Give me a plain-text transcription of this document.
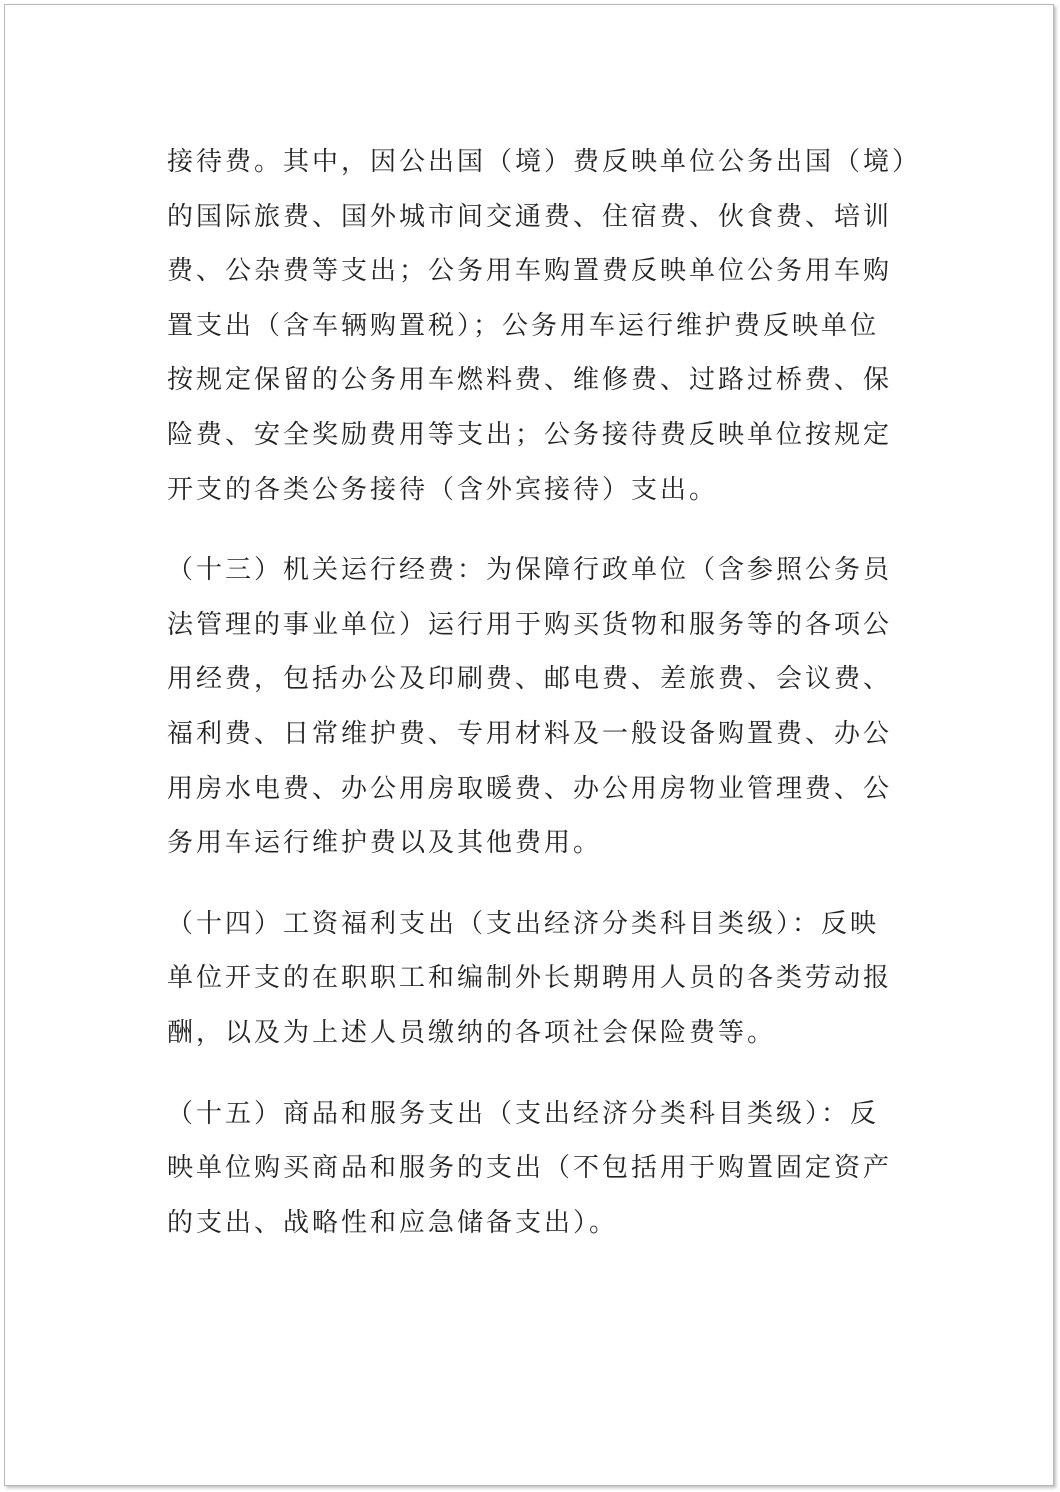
接待费。其中，因公出国（境）费反映单位公务出国（境）
的国际旅费、国外城市间交通费、住宿费、伙食费、培训
费、公杂费等支出；公务用车购置费反映单位公务用车购
置支出（含车辆购置税）；公务用车运行维护费反映单位
按规定保留的公务用车燃料费、维修费、过路过桥费、保
险费、安全奖励费用等支出；公务接待费反映单位按规定
开支的各类公务接待（含外宾接待）支出。
（十三）机关运行经费：为保障行政单位（含参照公务员
法管理的事业单位）运行用于购买货物和服务等的各项公
用经费，包括办公及印刷费、邮电费、差旅费、会议费、
福利费、日常维护费、专用材料及一般设备购置费、办公
用房水电费、办公用房取暖费、办公用房物业管理费、公
务用车运行维护费以及其他费用。
（十四）工资福利支出（支出经济分类科目类级）：反映
单位开支的在职职工和编制外长期聘用人员的各类劳动报
酬，以及为上述人员缴纳的各项社会保险费等。
（十五）商品和服务支出（支出经济分类科目类级）：反
映单位购买商品和服务的支出（不包括用于购置固定资产
的支出、战略性和应急储备支出）。
